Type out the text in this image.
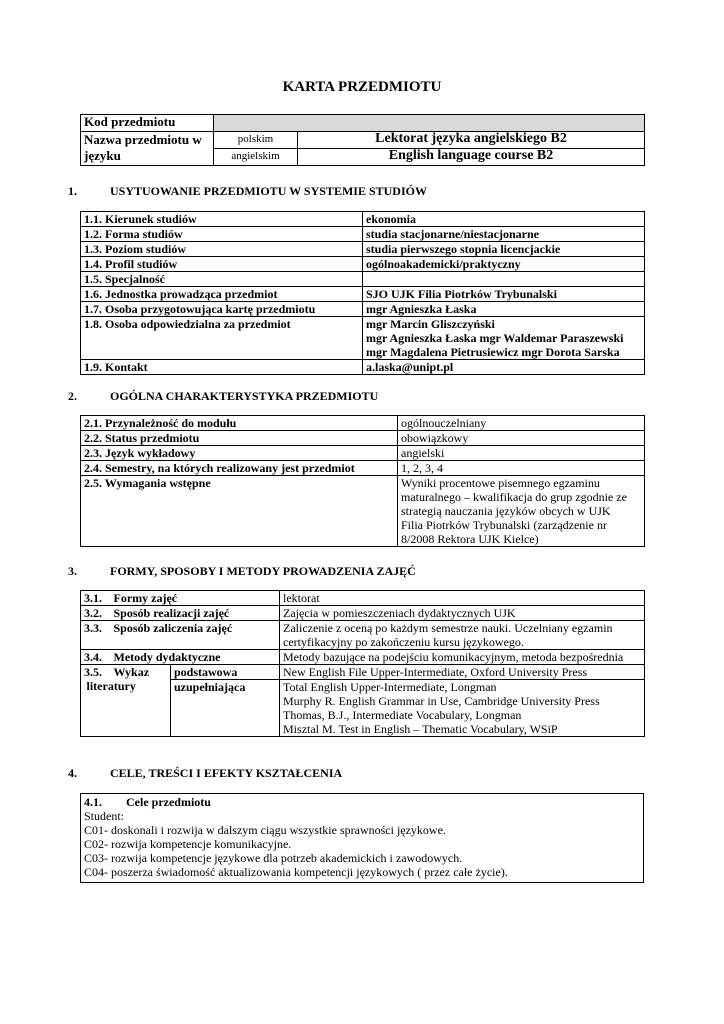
KARTA PRZEDMIOTU
Kod przedmiotu		
Nazwa przedmiotu w języku	polskim	Lektorat języka angielskiego B2
	angielskim	English language course B2
1.	USYTUOWANIE PRZEDMIOTU W SYSTEMIE STUDIÓW
1.1. Kierunek studiów	ekonomia
1.2. Forma studiów	studia stacjonarne/niestacjonarne
1.3. Poziom studiów	studia pierwszego stopnia licencjackie
1.4. Profil studiów	ogólnoakademicki/praktyczny
1.5. Specjalność	
1.6. Jednostka prowadząca przedmiot	SJO UJK Filia Piotrków Trybunalski
1.7. Osoba przygotowująca kartę przedmiotu	mgr Agnieszka Łaska
1.8. Osoba odpowiedzialna za przedmiot	mgr Marcin Gliszczyński
mgr Agnieszka Łaska mgr Waldemar Paraszewski
mgr Magdalena Pietrusiewicz mgr Dorota Sarska

1.9. Kontakt	a.laska@unipt.pl
2.	OGÓLNA CHARAKTERYSTYKA PRZEDMIOTU
2.1. Przynależność do modułu	ogólnouczelniany
2.2. Status przedmiotu	obowiązkowy
2.3. Język wykładowy	angielski
2.4. Semestry, na których realizowany jest przedmiot	1, 2, 3, 4
2.5. Wymagania wstępne	Wyniki procentowe pisemnego egzaminu
maturalnego – kwalifikacja do grup zgodnie ze
strategią nauczania języków obcych w UJK
Filia Piotrków Trybunalski (zarządzenie nr
8/2008 Rektora UJK Kielce)
3.	FORMY, SPOSOBY I METODY PROWADZENIA ZAJĘĆ
3.1.	Formy zajęć		lektorat
3.2.	Sposób realizacji zajęć		Zajęcia w pomieszczeniach dydaktycznych UJK
3.3.	Sposób zaliczenia zajęć		Zaliczenie z oceną po każdym semestrze nauki. Uczelniany egzamin
certyfikacyjny po zakończeniu kursu językowego.

3.4.	Metody dydaktyczne		Metody bazujące na podejściu komunikacyjnym, metoda bezpośrednia
3.5.	Wykaz
literatury	podstawowa	New English File Upper-Intermediate, Oxford University Press
		uzupełniająca	Total English Upper-Intermediate, Longman
Murphy R. English Grammar in Use, Cambridge University Press
Thomas, B.J., Intermediate Vocabulary, Longman
Misztal M. Test in English – Thematic Vocabulary, WSiP
4.	CELE, TREŚCI I EFEKTY KSZTAŁCENIA
4.1. Cele przedmiotu
Student:
C01- doskonali i rozwija w dalszym ciągu wszystkie sprawności językowe.
C02- rozwija kompetencje komunikacyjne.
C03- rozwija kompetencje językowe dla potrzeb akademickich i zawodowych.
C04- poszerza świadomość aktualizowania kompetencji językowych ( przez całe życie).
